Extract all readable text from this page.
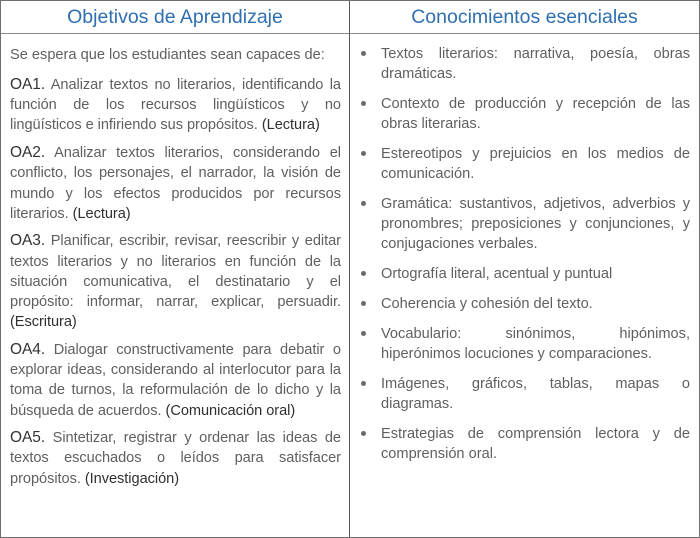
Objetivos de Aprendizaje
Se espera que los estudiantes sean capaces de:
OA1. Analizar textos no literarios, identificando la función de los recursos lingüísticos y no lingüísticos e infiriendo sus propósitos. (Lectura)
OA2. Analizar textos literarios, considerando el conflicto, los personajes, el narrador, la visión de mundo y los efectos producidos por recursos literarios. (Lectura)
OA3. Planificar, escribir, revisar, reescribir y editar textos literarios y no literarios en función de la situación comunicativa, el destinatario y el propósito: informar, narrar, explicar, persuadir. (Escritura)
OA4. Dialogar constructivamente para debatir o explorar ideas, considerando al interlocutor para la toma de turnos, la reformulación de lo dicho y la búsqueda de acuerdos. (Comunicación oral)
OA5. Sintetizar, registrar y ordenar las ideas de textos escuchados o leídos para satisfacer propósitos. (Investigación)
Conocimientos esenciales
Textos literarios: narrativa, poesía, obras dramáticas.
Contexto de producción y recepción de las obras literarias.
Estereotipos y prejuicios en los medios de comunicación.
Gramática: sustantivos, adjetivos, adverbios y pronombres; preposiciones y conjunciones, y conjugaciones verbales.
Ortografía literal, acentual y puntual
Coherencia y cohesión del texto.
Vocabulario: sinónimos, hipónimos, hiperónimos locuciones y comparaciones.
Imágenes, gráficos, tablas, mapas o diagramas.
Estrategias de comprensión lectora y de comprensión oral.
